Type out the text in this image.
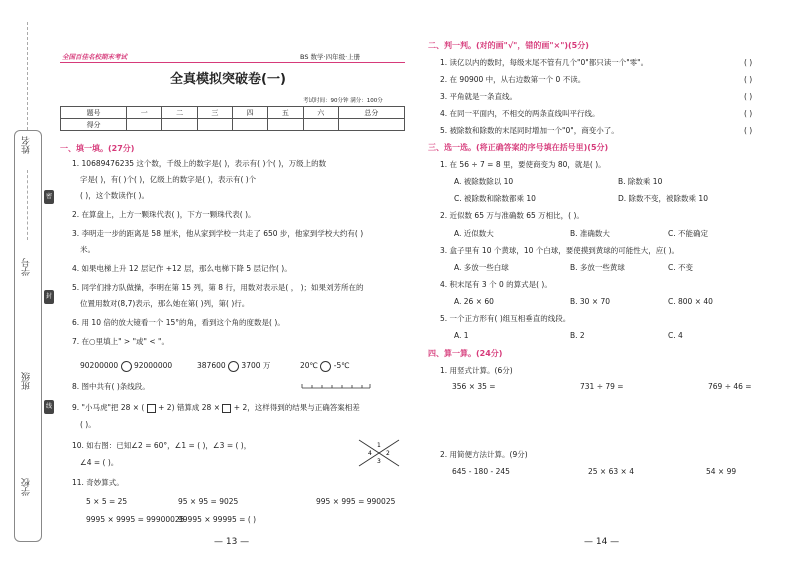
姓名
密
学号
封
班级
线
学校
全国百佳名校期末考试	BS 数学·四年级·上册
全真模拟突破卷(一)
考试时间：90分钟 满分：100分
题号	一	二	三	四	五	六	总分
得分							
一、填一填。(27分)
1. 10689476235 这个数，千级上的数字是( )，表示有( )个( )，万级上的数
字是( )，有( )个( )，亿级上的数字是( )，表示有( )个
( )，这个数读作( )。
2. 在算盘上，上方一颗珠代表( )，下方一颗珠代表( )。
3. 李明走一步的距离是 58 厘米，他从家到学校一共走了 650 步，他家到学校大约有( )
米。
4. 如果电梯上升 12 层记作 +12 层，那么电梯下降 5 层记作( )。
5. 同学们排方队做操，李明在第 15 列，第 8 行，用数对表示是( ， )；如果刘芳所在的
位置用数对(8,7)表示，那么她在第( )列，第( )行。
6. 用 10 倍的放大镜看一个 15°的角，看到这个角的度数是( )。
7. 在○里填上" > "或" < "。
90200000 92000000	387600 3700 万	20℃ -5℃
8. 图中共有( )条线段。
9. "小马虎"把 28 × ( + 2) 错算成 28 × + 2，这样得到的结果与正确答案相差
( )。
10. 如右图：已知∠2 = 60°，∠1 = ( )，∠3 = ( )，
∠4 = ( )。
1
4 2
3
11. 奇妙算式。
5 × 5 = 25	95 × 95 = 9025	995 × 995 = 990025
9995 × 9995 = 99900025
99995 × 99995 = ( )
— 13 —
二、判一判。(对的画"√"，错的画"×")(5分)
1. 读亿以内的数时，每级末尾不管有几个"0"都只读一个"零"。	( )
2. 在 90900 中，从右边数第一个 0 不读。	( )
3. 平角就是一条直线。	( )
4. 在同一平面内，不相交的两条直线叫平行线。	( )
5. 被除数和除数的末尾同时增加一个"0"，商变小了。	( )
三、选一选。(将正确答案的序号填在括号里)(5分)
1. 在 56 ÷ 7 = 8 里，要使商变为 80，就是( )。
A. 被除数除以 10	B. 除数乘 10
C. 被除数和除数都乘 10	D. 除数不变，被除数乘 10
2. 近似数 65 万与准确数 65 万相比，( )。
A. 近似数大	B. 准确数大	C. 不能确定
3. 盒子里有 10 个黄球，10 个白球，要使摸到黄球的可能性大，应( )。
A. 多放一些白球	B. 多放一些黄球	C. 不变
4. 积末尾有 3 个 0 的算式是( )。
A. 26 × 60	B. 30 × 70	C. 800 × 40
5. 一个正方形有( )组互相垂直的线段。
A. 1	B. 2	C. 4
四、算一算。(24分)
1. 用竖式计算。(6分)
356 × 35 =	731 ÷ 79 =	769 ÷ 46 =
2. 用简便方法计算。(9分)
645 - 180 - 245	25 × 63 × 4	54 × 99
— 14 —
